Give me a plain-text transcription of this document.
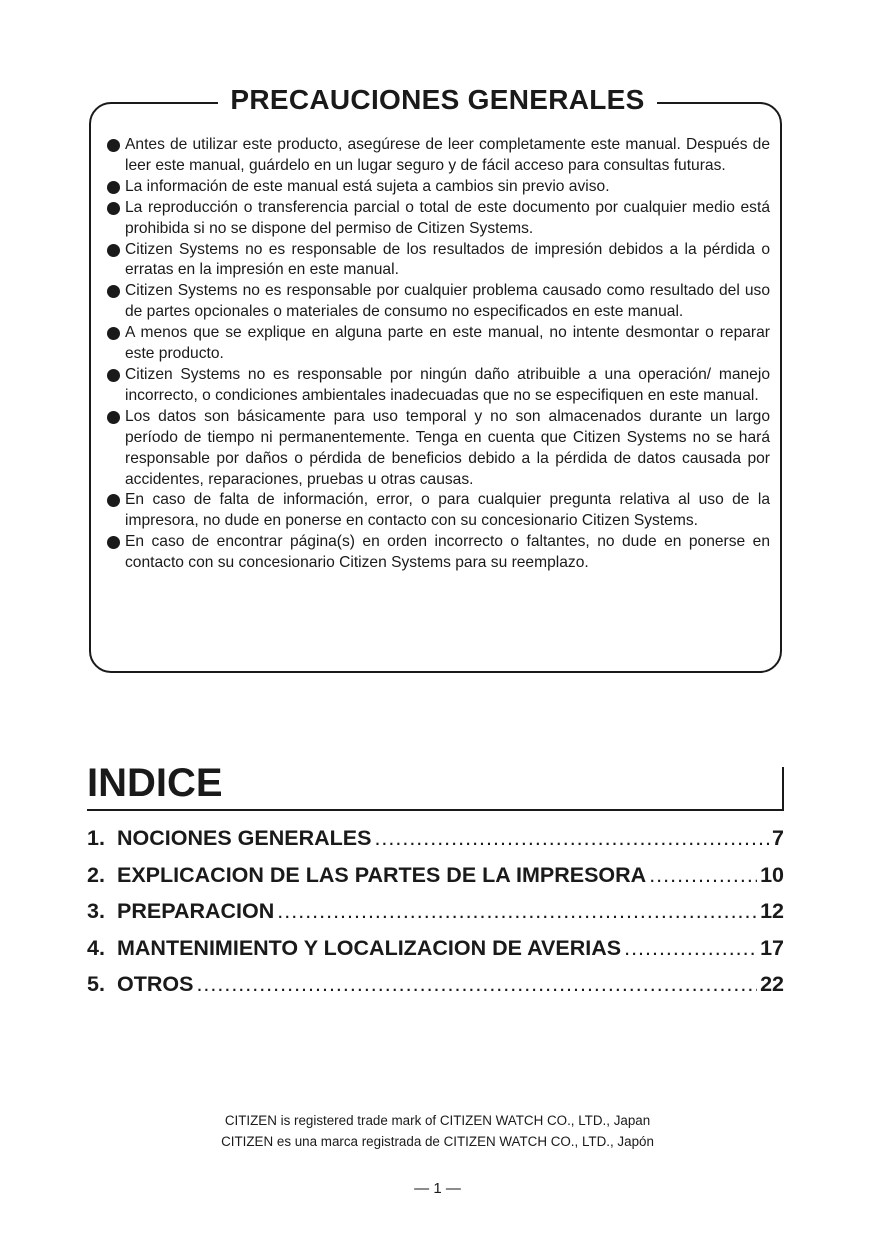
PRECAUCIONES GENERALES
Antes de utilizar este producto, asegúrese de leer completamente este manual. Después de leer este manual, guárdelo en un lugar seguro y de fácil acceso para consultas futuras.
La información de este manual está sujeta a cambios sin previo aviso.
La reproducción o transferencia parcial o total de este documento por cualquier medio está prohibida si no se dispone del permiso de Citizen Systems.
Citizen Systems no es responsable de los resultados de impresión debidos a la pérdida o erratas en la impresión en este manual.
Citizen Systems no es responsable por cualquier problema causado como resultado del uso de partes opcionales o materiales de consumo no especificados en este manual.
A menos que se explique en alguna parte en este manual, no intente desmontar o reparar este producto.
Citizen Systems no es responsable por ningún daño atribuible a una operación/ manejo incorrecto, o condiciones ambientales inadecuadas que no se especifiquen en este manual.
Los datos son básicamente para uso temporal y no son almacenados durante un largo período de tiempo ni permanentemente. Tenga en cuenta que Citizen Systems no se hará responsable por daños o pérdida de beneficios debido a la pérdida de datos causada por accidentes, reparaciones, pruebas u otras causas.
En caso de falta de información, error, o para cualquier pregunta relativa al uso de la impresora, no dude en ponerse en contacto con su concesionario Citizen Systems.
En caso de encontrar página(s) en orden incorrecto o faltantes, no dude en ponerse en contacto con su concesionario Citizen Systems para su reemplazo.
INDICE
1. NOCIONES GENERALES .....	7
2. EXPLICACION DE LAS PARTES DE LA IMPRESORA .....	10
3. PREPARACION .....	12
4. MANTENIMIENTO Y LOCALIZACION DE AVERIAS .....	17
5. OTROS .....	22
CITIZEN is registered trade mark of CITIZEN WATCH CO., LTD., Japan
CITIZEN es una marca registrada de CITIZEN WATCH CO., LTD., Japón
— 1 —
